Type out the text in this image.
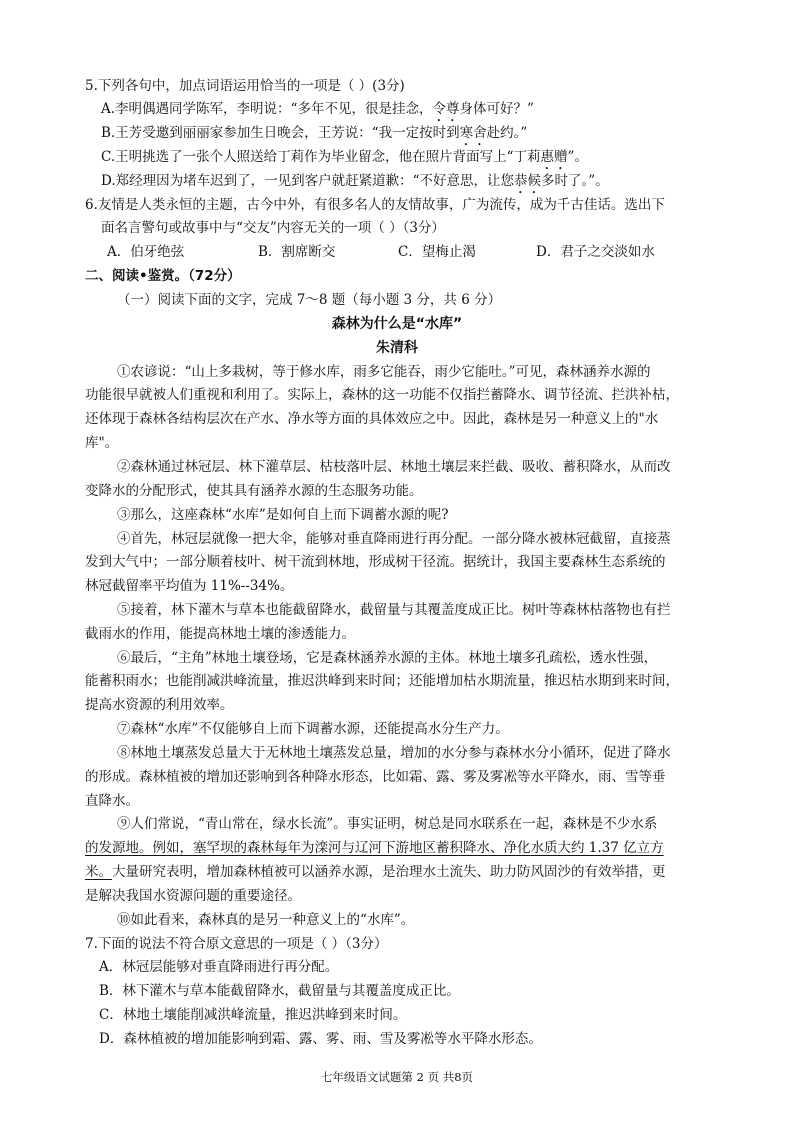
5.下列各句中，加点词语运用恰当的一项是（ ）(3分)
A.李明偶遇同学陈军，李明说：“多年不见，很是挂念，令尊身体可好？”
B.王芳受邀到丽丽家参加生日晚会，王芳说：“我一定按时到寒舍赴约。”
C.王明挑选了一张个人照送给丁莉作为毕业留念，他在照片背面写上“丁莉惠赠”。
D.郑经理因为堵车迟到了，一见到客户就赶紧道歉：“不好意思，让您恭候多时了。”。
6.友情是人类永恒的主题，古今中外，有很多名人的友情故事，广为流传，成为千古佳话。选出下
面名言警句或故事中与“交友”内容无关的一项（ ）（3分）
A．伯牙绝弦	B．割席断交	C．望梅止渴	D．君子之交淡如水
二、阅读•鉴赏。（72分）
（一）阅读下面的文字，完成 7～8 题（每小题 3 分，共 6 分）
森林为什么是“水库”
朱清科
①农谚说：“山上多栽树，等于修水库，雨多它能吞，雨少它能吐。”可见，森林涵养水源的
功能很早就被人们重视和利用了。实际上，森林的这一功能不仅指拦蓄降水、调节径流、拦洪补枯，
还体现于森林各结构层次在产水、净水等方面的具体效应之中。因此，森林是另一种意义上的"水
库"。
②森林通过林冠层、林下灌草层、枯枝落叶层、林地土壤层来拦截、吸收、蓄积降水，从而改
变降水的分配形式，使其具有涵养水源的生态服务功能。
③那么，这座森林“水库”是如何自上而下调蓄水源的呢?
④首先，林冠层就像一把大伞，能够对垂直降雨进行再分配。一部分降水被林冠截留，直接蒸
发到大气中；一部分顺着枝叶、树干流到林地，形成树干径流。据统计，我国主要森林生态系统的
林冠截留率平均值为 11%--34%。
⑤接着，林下灌木与草本也能截留降水，截留量与其覆盖度成正比。树叶等森林枯落物也有拦
截雨水的作用，能提高林地土壤的渗透能力。
⑥最后，“主角”林地土壤登场，它是森林涵养水源的主体。林地土壤多孔疏松，透水性强，
能蓄积雨水；也能削减洪峰流量，推迟洪峰到来时间；还能增加枯水期流量，推迟枯水期到来时间，
提高水资源的利用效率。
⑦森林“水库”不仅能够自上而下调蓄水源，还能提高水分生产力。
⑧林地土壤蒸发总量大于无林地土壤蒸发总量，增加的水分参与森林水分小循环，促进了降水
的形成。森林植被的增加还影响到各种降水形态，比如霜、露、雾及雾凇等水平降水，雨、雪等垂
直降水。
⑨人们常说，“青山常在，绿水长流”。事实证明，树总是同水联系在一起，森林是不少水系
的发源地。例如，塞罕坝的森林每年为滦河与辽河下游地区蓄积降水、净化水质大约 1.37 亿立方
米。大量研究表明，增加森林植被可以涵养水源，是治理水土流失、助力防风固沙的有效举措，更
是解决我国水资源问题的重要途径。
⑩如此看来，森林真的是另一种意义上的“水库”。
7.下面的说法不符合原文意思的一项是（ ）（3分）
A．林冠层能够对垂直降雨进行再分配。
B．林下灌木与草本能截留降水，截留量与其覆盖度成正比。
C．林地土壤能削减洪峰流量，推迟洪峰到来时间。
D．森林植被的增加能影响到霜、露、雾、雨、雪及雾凇等水平降水形态。
七年级语文试题第 2 页 共8页
